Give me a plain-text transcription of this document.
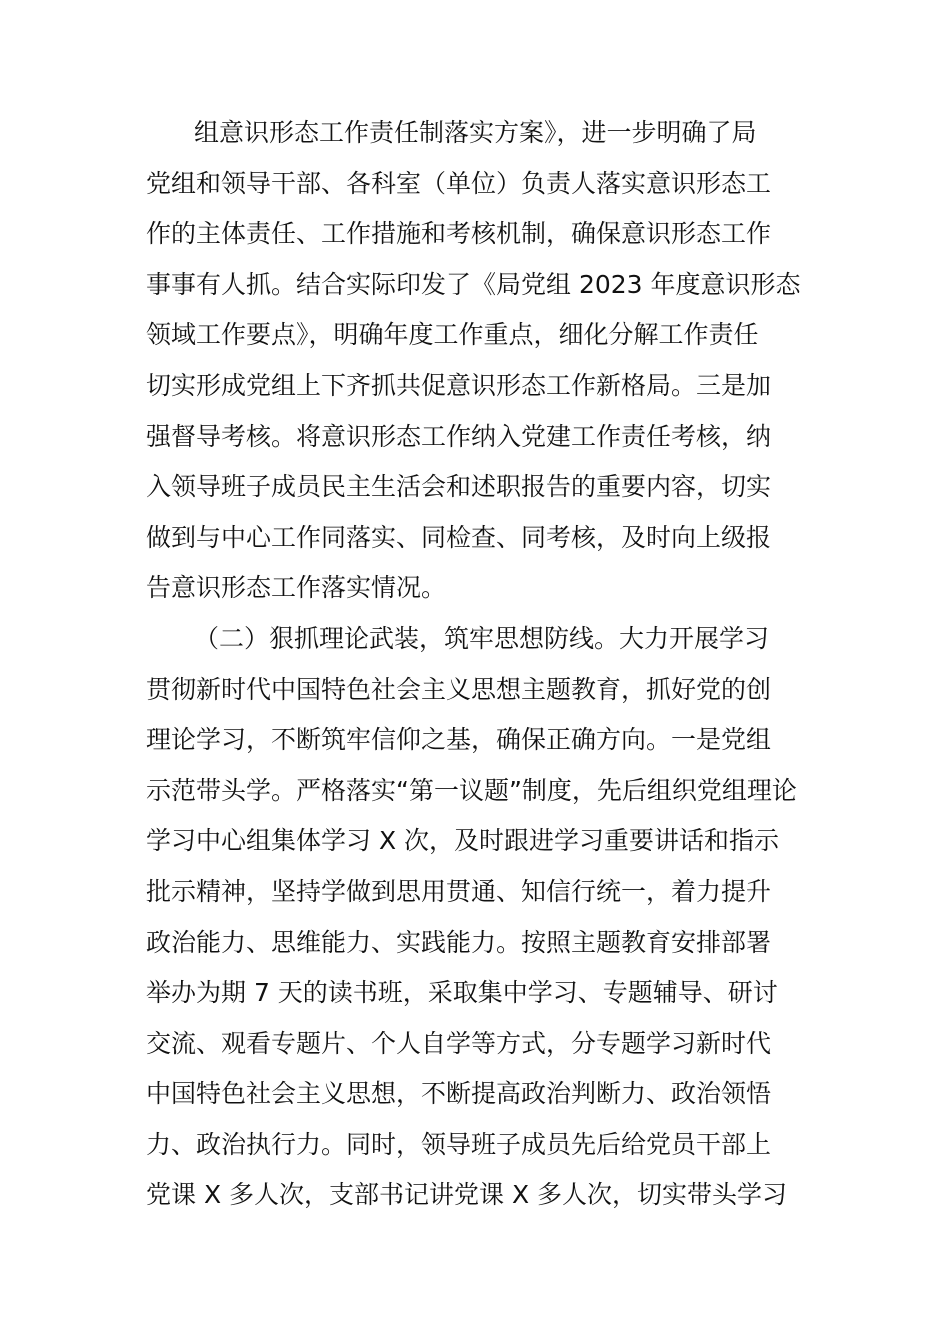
组意识形态工作责任制落实方案》，进一步明确了局
党组和领导干部、各科室（单位）负责人落实意识形态工
作的主体责任、工作措施和考核机制，确保意识形态工作
事事有人抓。结合实际印发了《局党组 2023 年度意识形态
领域工作要点》，明确年度工作重点，细化分解工作责任
切实形成党组上下齐抓共促意识形态工作新格局。三是加
强督导考核。将意识形态工作纳入党建工作责任考核，纳
入领导班子成员民主生活会和述职报告的重要内容，切实
做到与中心工作同落实、同检查、同考核，及时向上级报
告意识形态工作落实情况。
（二）狠抓理论武装，筑牢思想防线。大力开展学习
贯彻新时代中国特色社会主义思想主题教育，抓好党的创
理论学习，不断筑牢信仰之基，确保正确方向。一是党组
示范带头学。严格落实“第一议题”制度，先后组织党组理论
学习中心组集体学习 X 次，及时跟进学习重要讲话和指示
批示精神，坚持学做到思用贯通、知信行统一，着力提升
政治能力、思维能力、实践能力。按照主题教育安排部署
举办为期 7 天的读书班，采取集中学习、专题辅导、研讨
交流、观看专题片、个人自学等方式，分专题学习新时代
中国特色社会主义思想，不断提高政治判断力、政治领悟
力、政治执行力。同时，领导班子成员先后给党员干部上
党课 X 多人次，支部书记讲党课 X 多人次，切实带头学习
